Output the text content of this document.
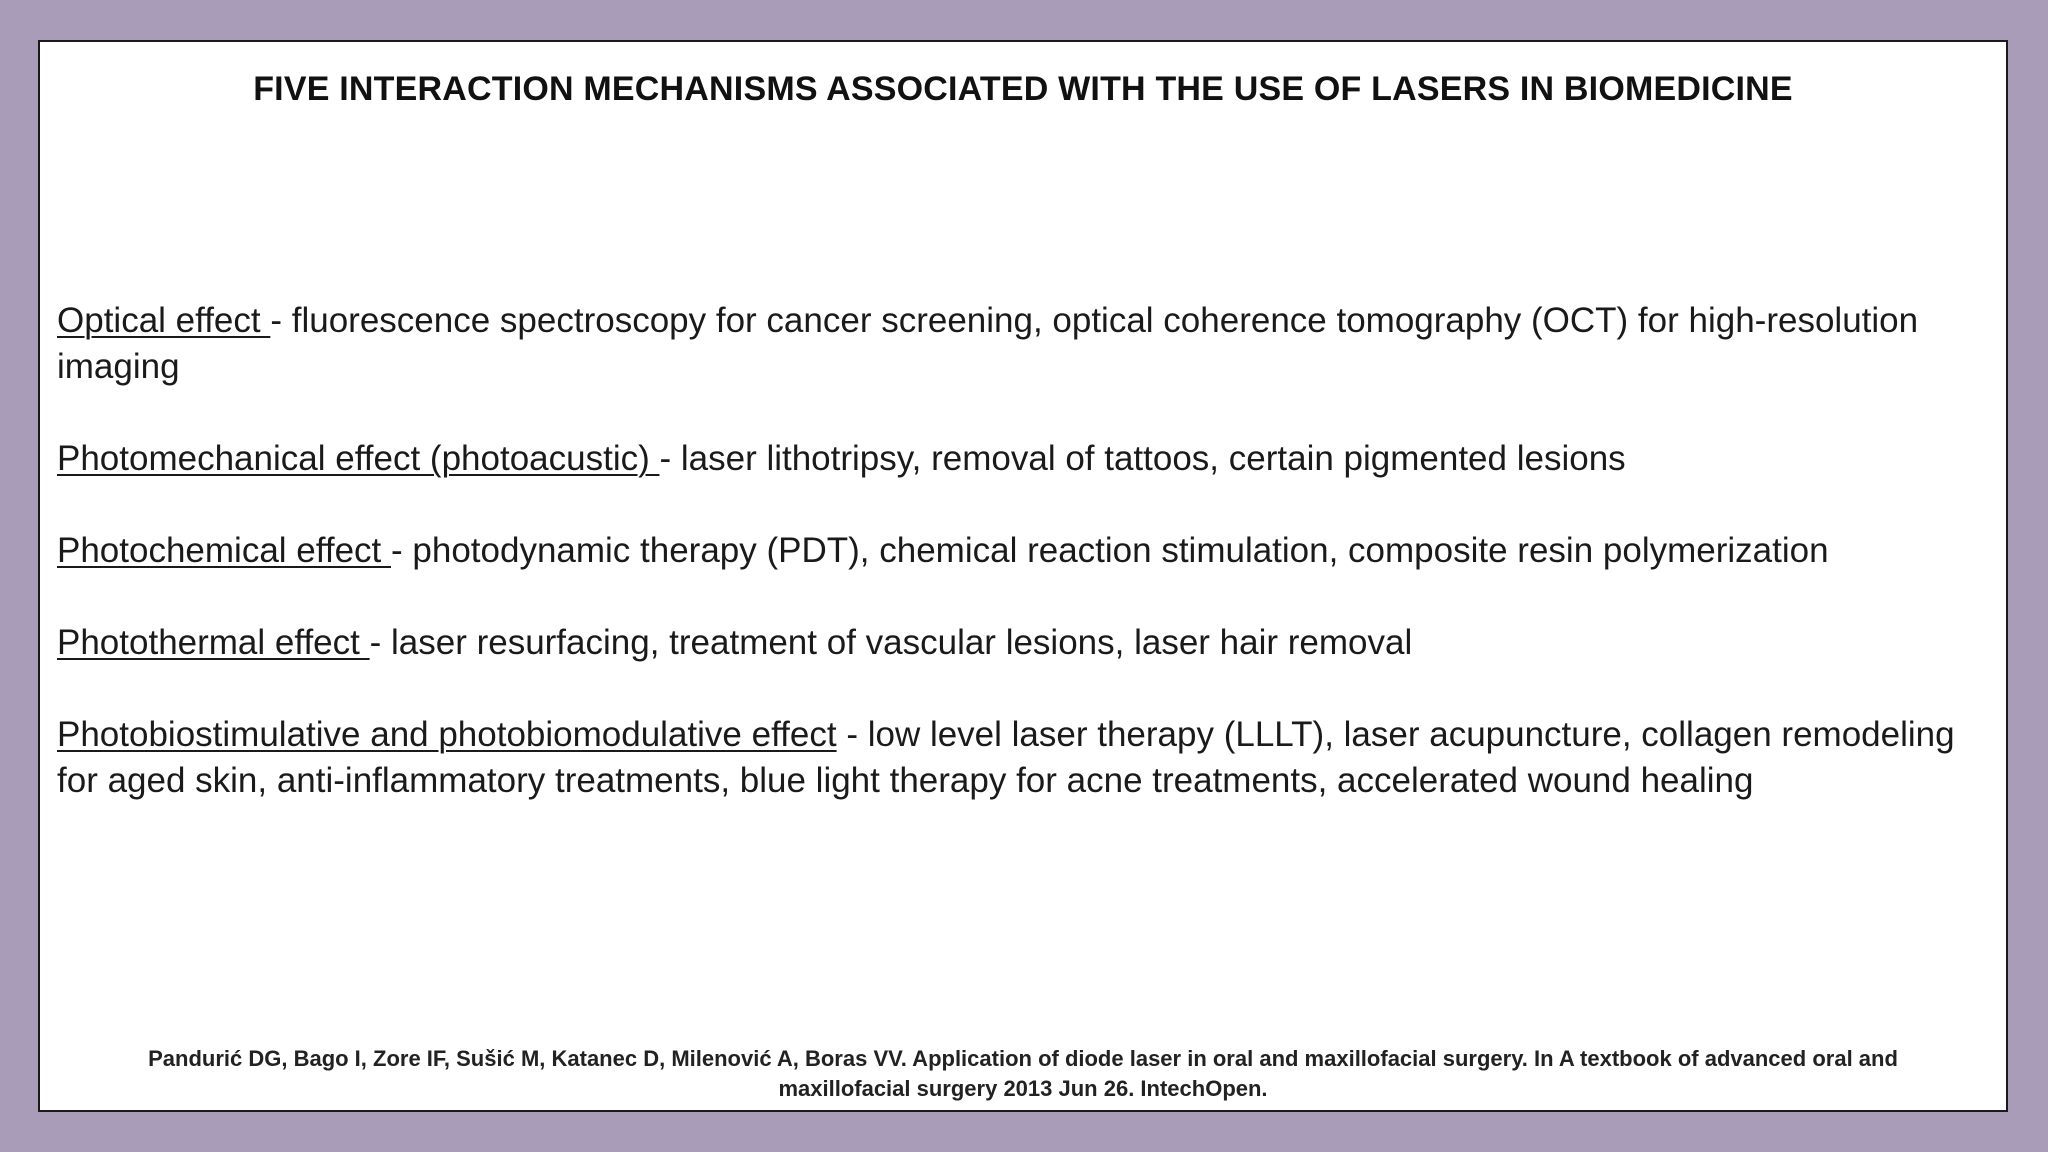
FIVE INTERACTION MECHANISMS ASSOCIATED WITH THE USE OF LASERS IN BIOMEDICINE
Optical effect - fluorescence spectroscopy for cancer screening, optical coherence tomography (OCT) for high-resolution imaging
Photomechanical effect (photoacustic) - laser lithotripsy, removal of tattoos, certain pigmented lesions
Photochemical effect - photodynamic therapy (PDT), chemical reaction stimulation, composite resin polymerization
Photothermal effect - laser resurfacing, treatment of vascular lesions, laser hair removal
Photobiostimulative and photobiomodulative effect - low level laser therapy (LLLT), laser acupuncture, collagen remodeling for aged skin, anti-inflammatory treatments, blue light therapy for acne treatments, accelerated wound healing
Pandurić DG, Bago I, Zore IF, Sušić M, Katanec D, Milenović A, Boras VV. Application of diode laser in oral and maxillofacial surgery. In A textbook of advanced oral and maxillofacial surgery 2013 Jun 26. IntechOpen.
